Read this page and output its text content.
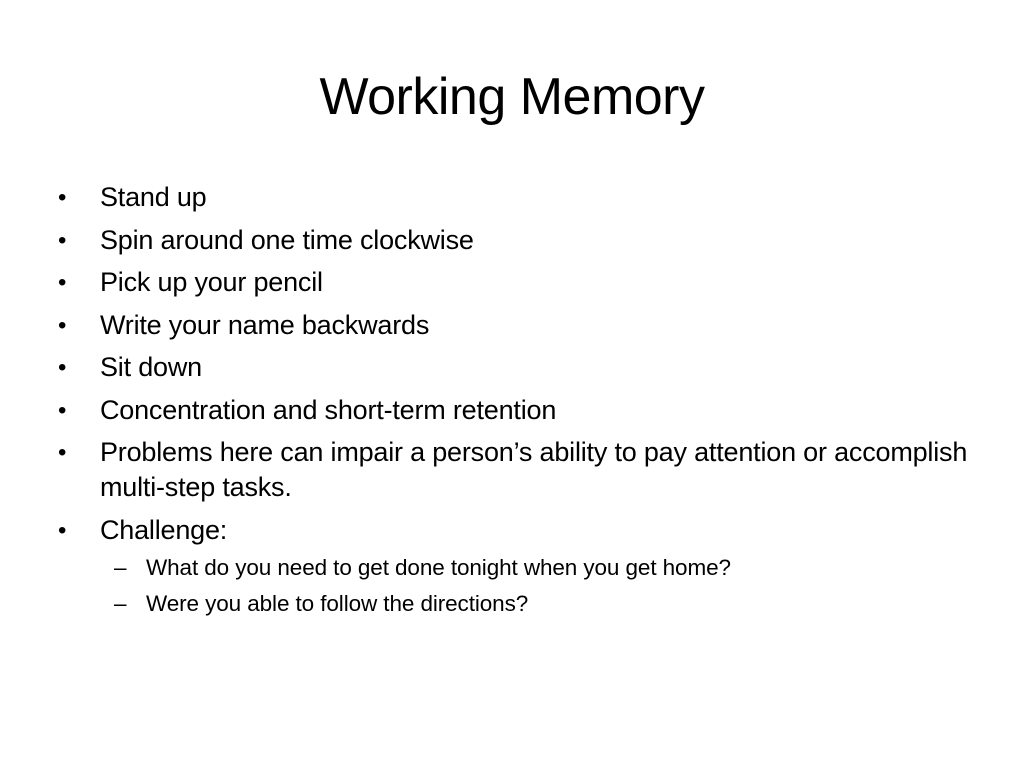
Working Memory
• Stand up
• Spin around one time clockwise
• Pick up your pencil
• Write your name backwards
• Sit down
• Concentration and short-term retention
• Problems here can impair a person’s ability to pay attention or accomplish multi-step tasks.
• Challenge:
– What do you need to get done tonight when you get home?
– Were you able to follow the directions?
